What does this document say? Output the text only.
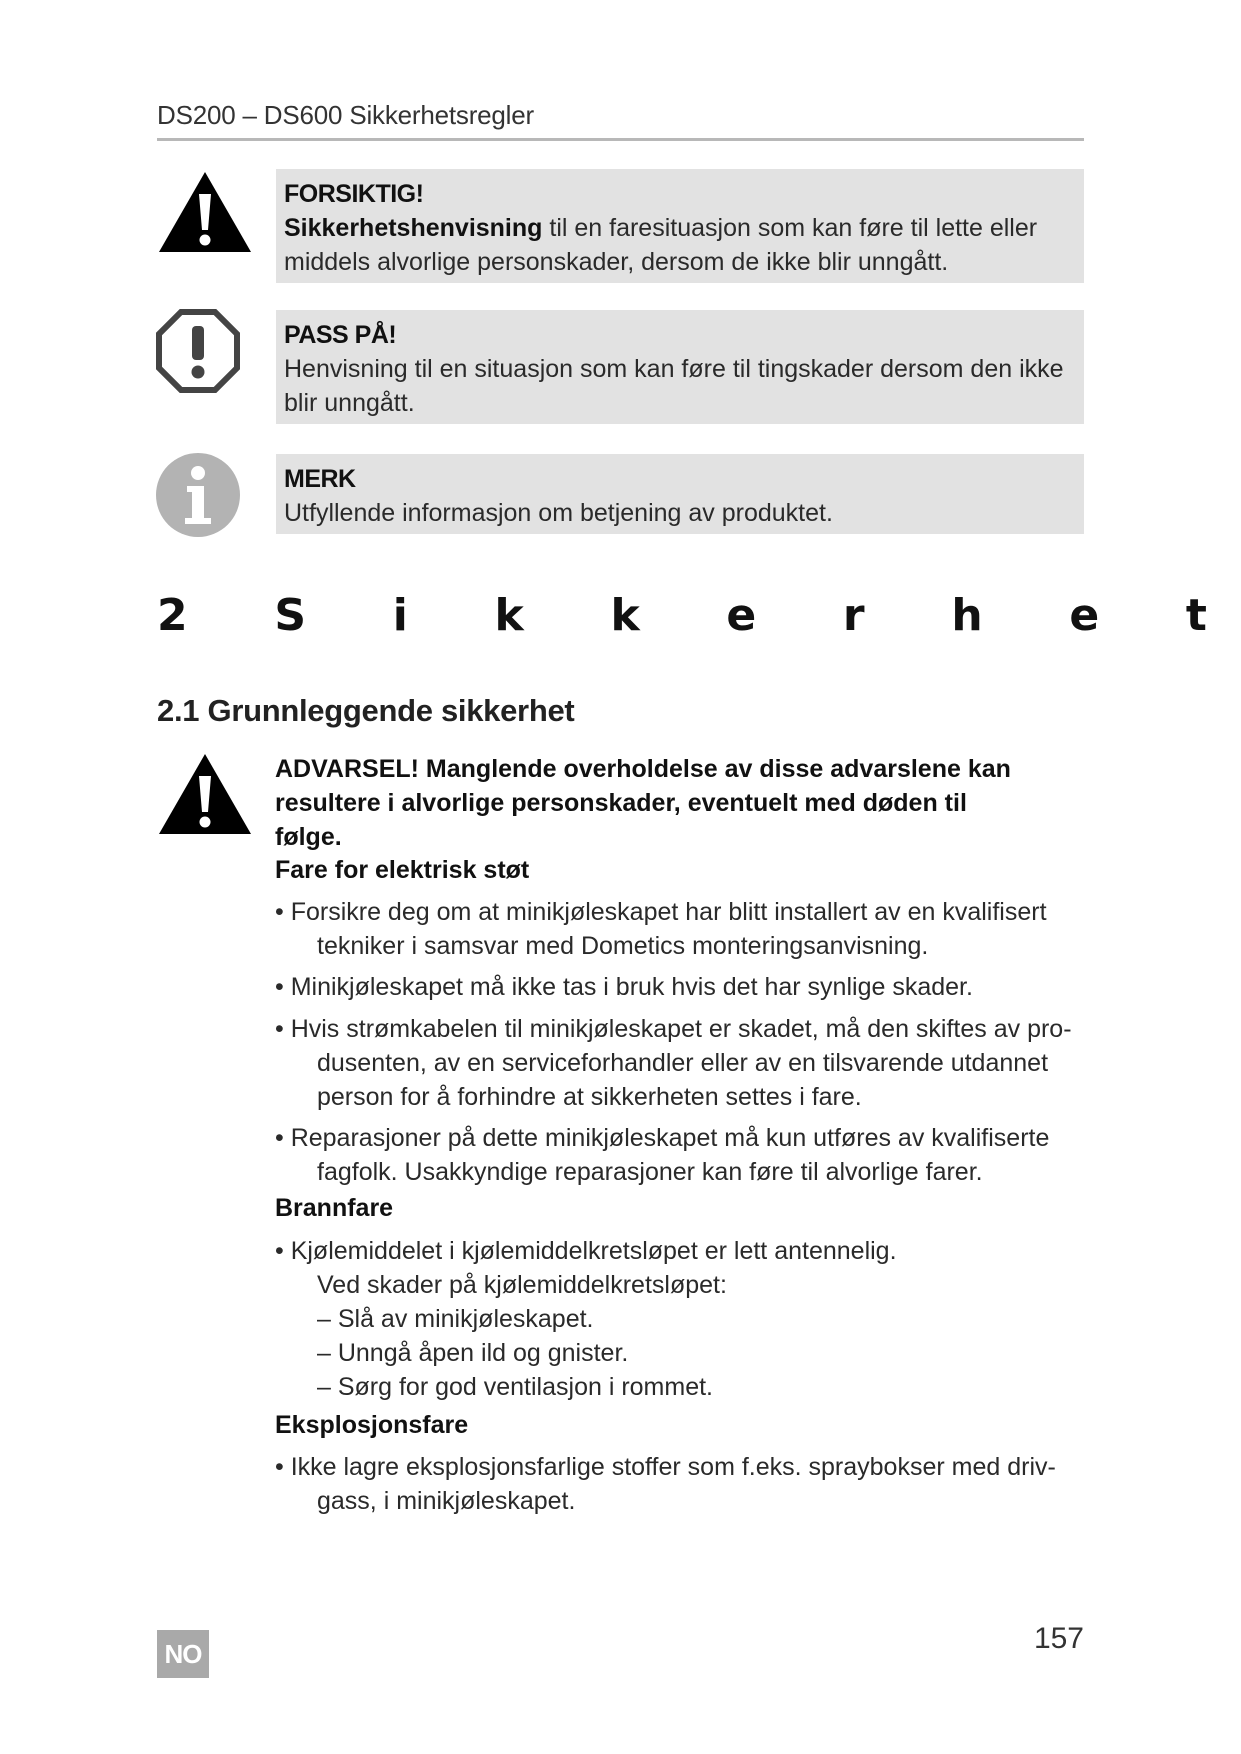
DS200 – DS600 Sikkerhetsregler
FORSIKTIG!
Sikkerhetshenvisning til en faresituasjon som kan føre til lette eller
middels alvorlige personskader, dersom de ikke blir unngått.
PASS PÅ!
Henvisning til en situasjon som kan føre til tingskader dersom den ikke
blir unngått.
MERK
Utfyllende informasjon om betjening av produktet.
2 S i k k e r h e t
2.1 Grunnleggende sikkerhet
ADVARSEL! Manglende overholdelse av disse advarslene kan
resultere i alvorlige personskader, eventuelt med døden til
følge.
Fare for elektrisk støt
• Forsikre deg om at minikjøleskapet har blitt installert av en kvalifisert
tekniker i samsvar med Dometics monteringsanvisning.
• Minikjøleskapet må ikke tas i bruk hvis det har synlige skader.
• Hvis strømkabelen til minikjøleskapet er skadet, må den skiftes av pro-
dusenten, av en serviceforhandler eller av en tilsvarende utdannet
person for å forhindre at sikkerheten settes i fare.
• Reparasjoner på dette minikjøleskapet må kun utføres av kvalifiserte
fagfolk. Usakkyndige reparasjoner kan føre til alvorlige farer.
Brannfare
• Kjølemiddelet i kjølemiddelkretsløpet er lett antennelig.
Ved skader på kjølemiddelkretsløpet:
– Slå av minikjøleskapet.
– Unngå åpen ild og gnister.
– Sørg for god ventilasjon i rommet.
Eksplosjonsfare
• Ikke lagre eksplosjonsfarlige stoffer som f.eks. spraybokser med driv-
gass, i minikjøleskapet.
NO	157
